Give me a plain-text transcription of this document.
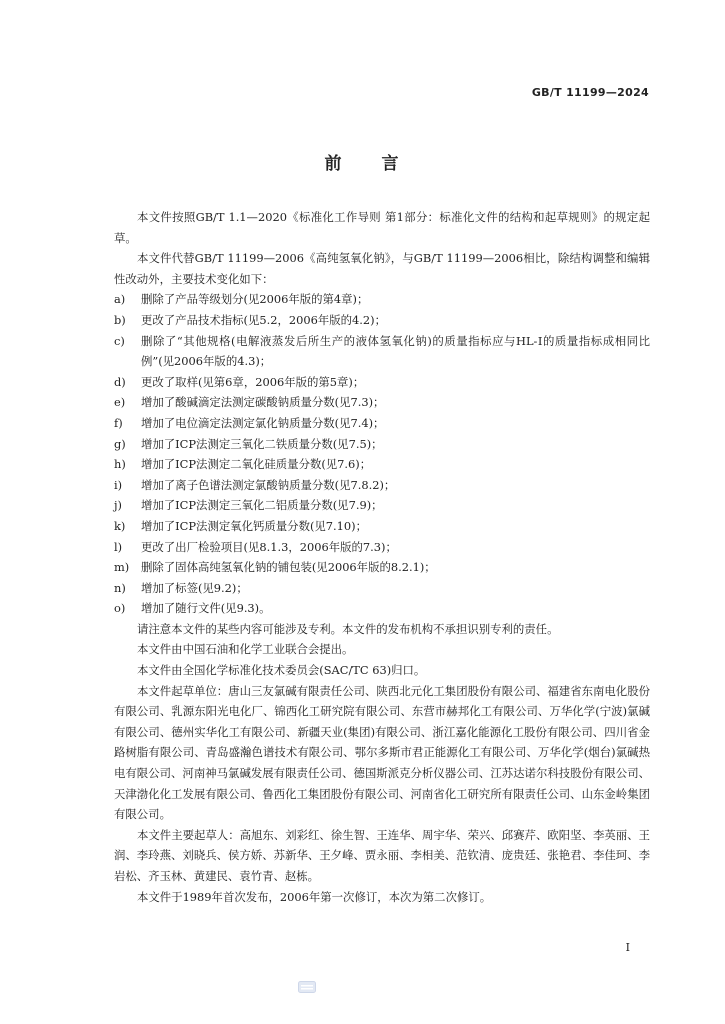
GB/T 11199—2024
前 言

本文件按照GB/T 1.1—2020《标准化工作导则 第1部分：标准化文件的结构和起草规则》的规定起草。

本文件代替GB/T 11199—2006《高纯氢氧化钠》，与GB/T 11199—2006相比，除结构调整和编辑性改动外，主要技术变化如下：

a)	删除了产品等级划分(见2006年版的第4章)；
b)	更改了产品技术指标(见5.2，2006年版的4.2)；
c)	删除了“其他规格(电解液蒸发后所生产的液体氢氧化钠)的质量指标应与HL-Ⅰ的质量指标成相同比例”(见2006年版的4.3)；
d)	更改了取样(见第6章，2006年版的第5章)；
e)	增加了酸碱滴定法测定碳酸钠质量分数(见7.3)；
f)	增加了电位滴定法测定氯化钠质量分数(见7.4)；
g)	增加了ICP法测定三氧化二铁质量分数(见7.5)；
h)	增加了ICP法测定二氧化硅质量分数(见7.6)；
i)	增加了离子色谱法测定氯酸钠质量分数(见7.8.2)；
j)	增加了ICP法测定三氧化二铝质量分数(见7.9)；
k)	增加了ICP法测定氧化钙质量分数(见7.10)；
l)	更改了出厂检验项目(见8.1.3，2006年版的7.3)；
m)	删除了固体高纯氢氧化钠的铺包装(见2006年版的8.2.1)；
n)	增加了标签(见9.2)；
o)	增加了随行文件(见9.3)。

请注意本文件的某些内容可能涉及专利。本文件的发布机构不承担识别专利的责任。

本文件由中国石油和化学工业联合会提出。

本文件由全国化学标准化技术委员会(SAC/TC 63)归口。

本文件起草单位：唐山三友氯碱有限责任公司、陕西北元化工集团股份有限公司、福建省东南电化股份有限公司、乳源东阳光电化厂、锦西化工研究院有限公司、东营市赫邦化工有限公司、万华化学(宁波)氯碱有限公司、德州实华化工有限公司、新疆天业(集团)有限公司、浙江嘉化能源化工股份有限公司、四川省金路树脂有限公司、青岛盛瀚色谱技术有限公司、鄂尔多斯市君正能源化工有限公司、万华化学(烟台)氯碱热电有限公司、河南神马氯碱发展有限责任公司、德国斯派克分析仪器公司、江苏达诺尔科技股份有限公司、天津渤化化工发展有限公司、鲁西化工集团股份有限公司、河南省化工研究所有限责任公司、山东金岭集团有限公司。

本文件主要起草人：高旭东、刘彩红、徐生智、王连华、周宇华、荣兴、邱赛芹、欧阳坚、李英丽、王润、李玲燕、刘晓兵、侯方娇、苏新华、王夕峰、贾永丽、李相美、范钦清、庞贵廷、张艳君、李佳珂、李岩松、齐玉林、黄建民、袁竹青、赵栋。

本文件于1989年首次发布，2006年第一次修订，本次为第二次修订。

Ⅰ
